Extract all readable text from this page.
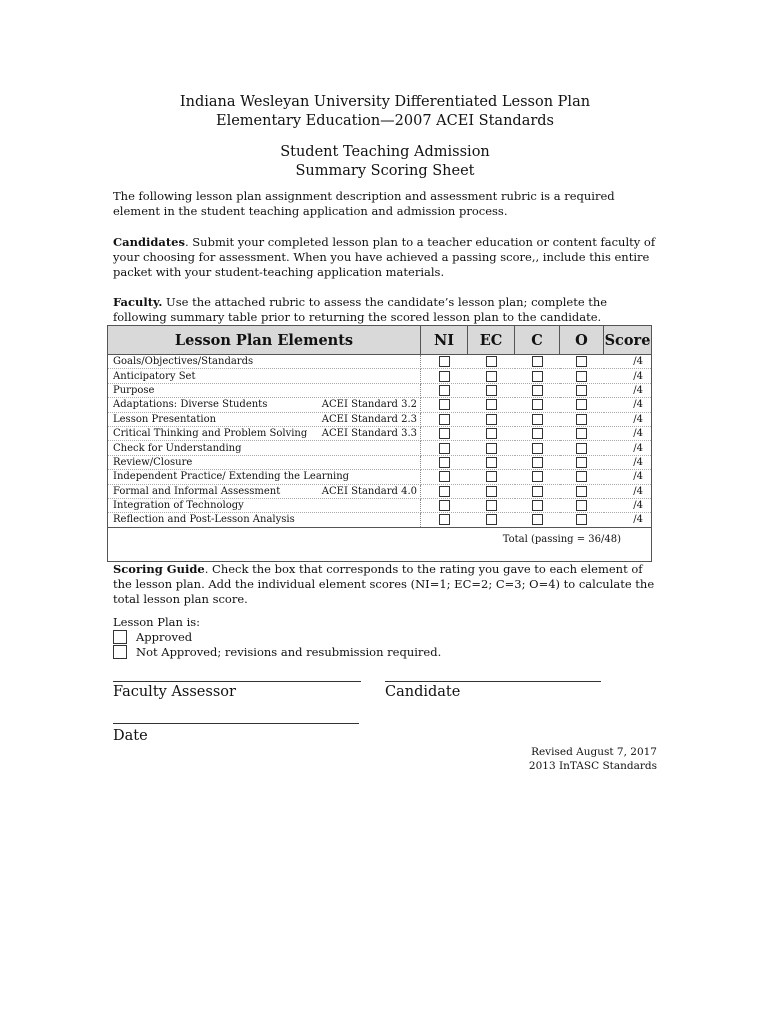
Indiana Wesleyan University Differentiated Lesson Plan
Elementary Education—2007 ACEI Standards
Student Teaching Admission
Summary Scoring Sheet
The following lesson plan assignment description and assessment rubric is a required element in the student teaching application and admission process.
Candidates. Submit your completed lesson plan to a teacher education or content faculty of your choosing for assessment. When you have achieved a passing score,, include this entire packet with your student-teaching application materials.
Faculty. Use the attached rubric to assess the candidate’s lesson plan; complete the following summary table prior to returning the scored lesson plan to the candidate.
Lesson Plan Elements	NI	EC	C	O	Score
Goals/Objectives/Standards					/4
Anticipatory Set					/4
Purpose					/4
Adaptations: Diverse Students ACEI Standard 3.2					/4
Lesson Presentation ACEI Standard 2.3					/4
Critical Thinking and Problem Solving ACEI Standard 3.3					/4
Check for Understanding					/4
Review/Closure					/4
Independent Practice/ Extending the Learning					/4
Formal and Informal Assessment ACEI Standard 4.0					/4
Integration of Technology					/4
Reflection and Post-Lesson Analysis					/4
Total (passing = 36/48)					
Scoring Guide. Check the box that corresponds to the rating you gave to each element of the lesson plan. Add the individual element scores (NI=1; EC=2; C=3; O=4) to calculate the total lesson plan score.
Lesson Plan is:
Approved
Not Approved; revisions and resubmission required.
Faculty Assessor	Candidate
Date
Revised August 7, 2017
2013 InTASC Standards
